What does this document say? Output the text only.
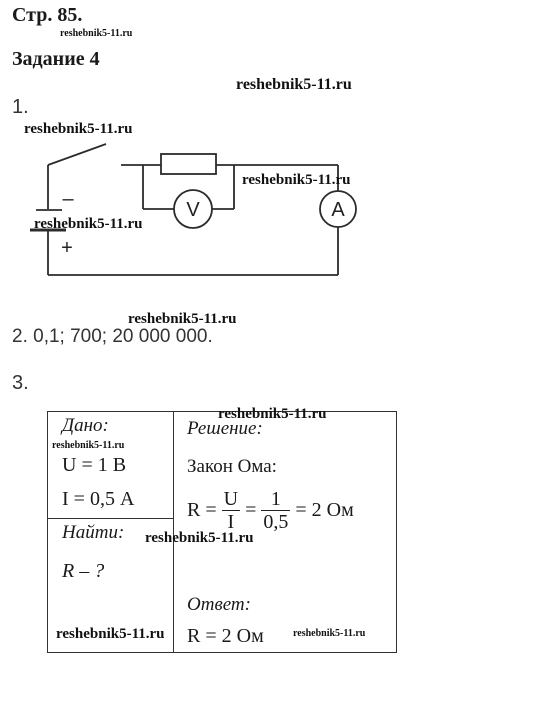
Стр. 85.
reshebnik5-11.ru
Задание 4
reshebnik5-11.ru
1.
reshebnik5-11.ru
V	A
–
+
reshebnik5-11.ru
reshebnik5-11.ru
reshebnik5-11.ru
2. 0,1; 700; 20 000 000.
3.
Дано:
reshebnik5-11.ru
U = 1 В
I = 0,5 А
Найти:
R – ?
reshebnik5-11.ru
Решение:
Закон Ома:
$R = \frac{U}{I} = \frac{1}{0,5} = 2$ Ом
reshebnik5-11.ru
Ответ:
R = 2 Ом
reshebnik5-11.ru	reshebnik5-11.ru
